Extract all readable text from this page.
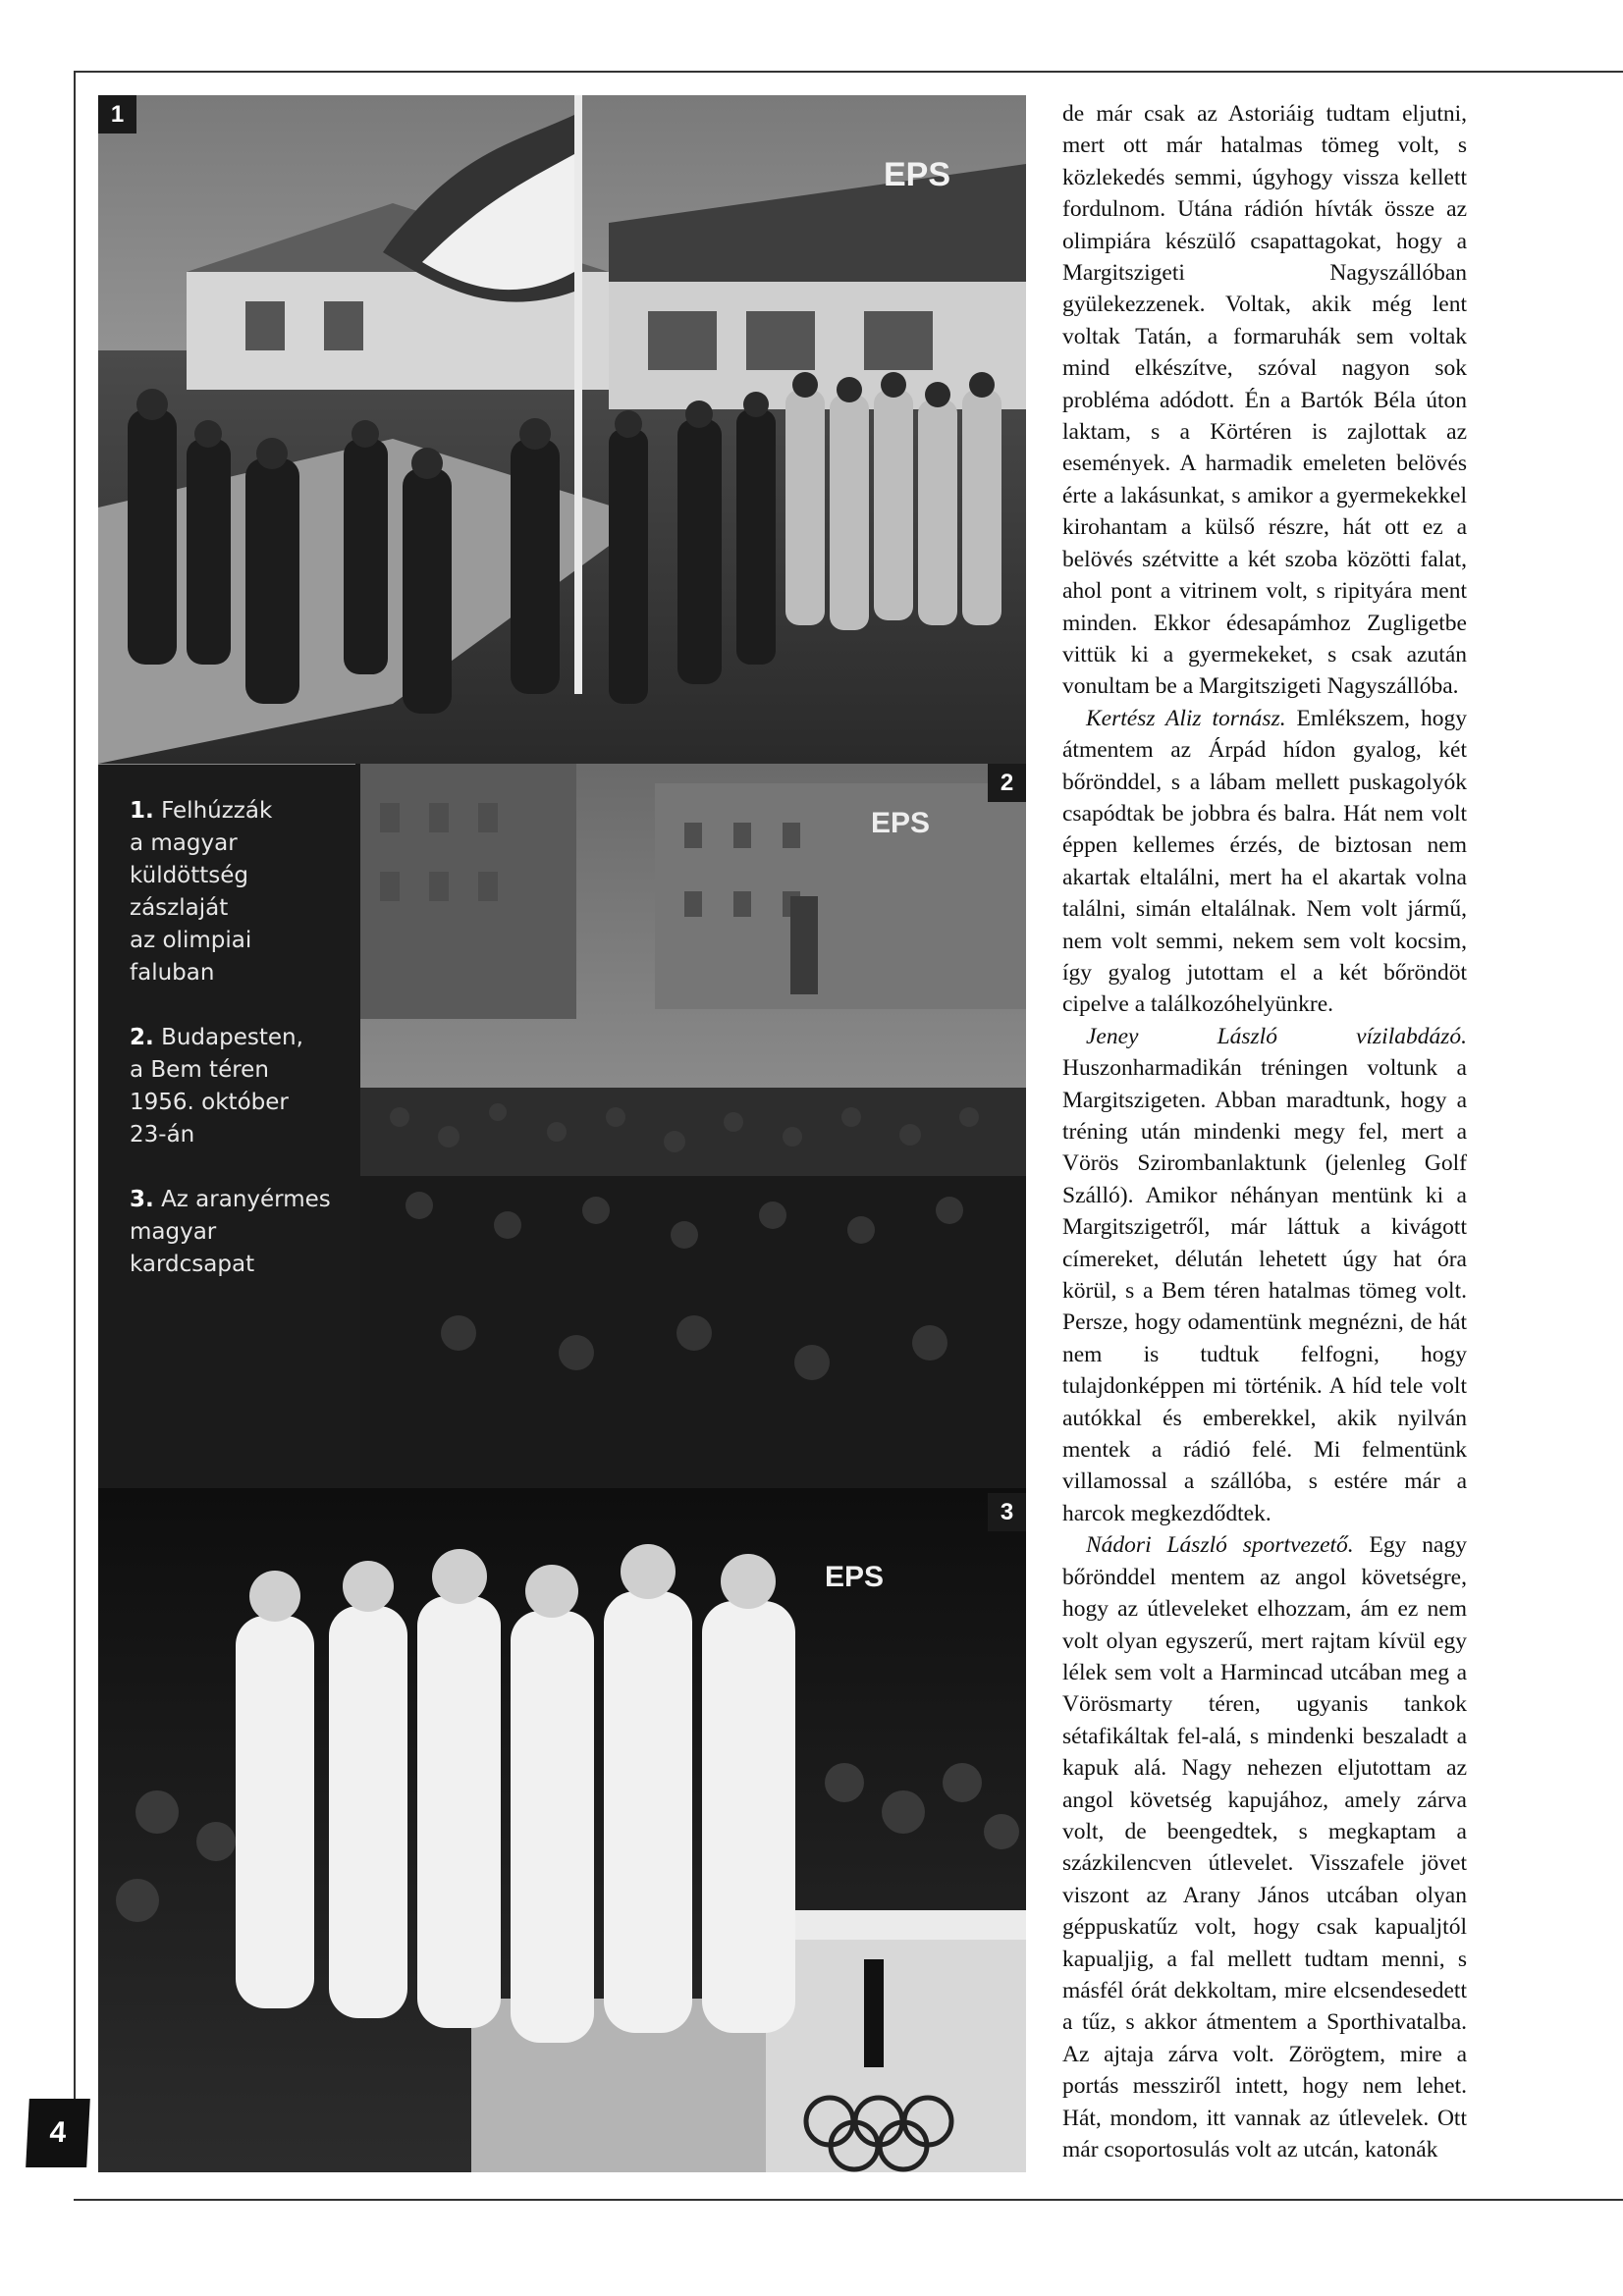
EPS
1
EPS
2
1. Felhúzzák
a magyar
küldöttség
zászlaját
az olimpiai
faluban
2. Budapesten,
a Bem téren
1956. október
23-án
3. Az aranyérmes
magyar
kardcsapat
EPS
3

de már csak az Astoriáig tudtam eljutni, mert ott már hatalmas tömeg volt, s közlekedés semmi, úgyhogy vissza kellett fordulnom. Utána rádión hívták össze az olimpiára készülő csapattagokat, hogy a Margitszigeti Nagyszállóban gyülekezzenek. Voltak, akik még lent voltak Tatán, a formaruhák sem voltak mind elkészítve, szóval nagyon sok probléma adódott. Én a Bartók Béla úton laktam, s a Körtéren is zajlottak az események. A harmadik emeleten belövés érte a lakásunkat, s amikor a gyermekekkel kirohantam a külső részre, hát ott ez a belövés szétvitte a két szoba közötti falat, ahol pont a vitrinem volt, s ripityára ment minden. Ekkor édesapámhoz Zugligetbe vittük ki a gyermekeket, s csak azután vonultam be a Margitszigeti Nagyszállóba.

Kertész Aliz tornász. Emlékszem, hogy átmentem az Árpád hídon gyalog, két bőrönddel, s a lábam mellett puskagolyók csapódtak be jobbra és balra. Hát nem volt éppen kellemes érzés, de biztosan nem akartak eltalálni, mert ha el akartak volna találni, simán eltalálnak. Nem volt jármű, nem volt semmi, nekem sem volt kocsim, így gyalog jutottam el a két bőröndöt cipelve a találkozóhelyünkre.

Jeney László vízilabdázó. Huszonharmadikán tréningen voltunk a Margitszigeten. Abban maradtunk, hogy a tréning után mindenki megy fel, mert a Vörös Szirombanlaktunk (jelenleg Golf Szálló). Amikor néhányan mentünk ki a Margitszigetről, már láttuk a kivágott címereket, délután lehetett úgy hat óra körül, s a Bem téren hatalmas tömeg volt. Persze, hogy odamentünk megnézni, de hát nem is tudtuk felfogni, hogy tulajdonképpen mi történik. A híd tele volt autókkal és emberekkel, akik nyilván mentek a rádió felé. Mi felmentünk villamossal a szállóba, s estére már a harcok megkezdődtek.

Nádori László sportvezető. Egy nagy bőrönddel mentem az angol követségre, hogy az útleveleket elhozzam, ám ez nem volt olyan egyszerű, mert rajtam kívül egy lélek sem volt a Harmincad utcában meg a Vörösmarty téren, ugyanis tankok sétafikáltak fel-alá, s mindenki beszaladt a kapuk alá. Nagy nehezen eljutottam az angol követség kapujához, amely zárva volt, de beengedtek, s megkaptam a százkilencven útlevelet. Visszafele jövet viszont az Arany János utcában olyan géppuskatűz volt, hogy csak kapualjtól kapualjig, a fal mellett tudtam menni, s másfél órát dekkoltam, mire elcsendesedett a tűz, s akkor átmentem a Sporthivatalba. Az ajtaja zárva volt. Zörögtem, mire a portás messziről intett, hogy nem lehet. Hát, mondom, itt vannak az útlevelek. Ott már csoportosulás volt az utcán, katonák

4
